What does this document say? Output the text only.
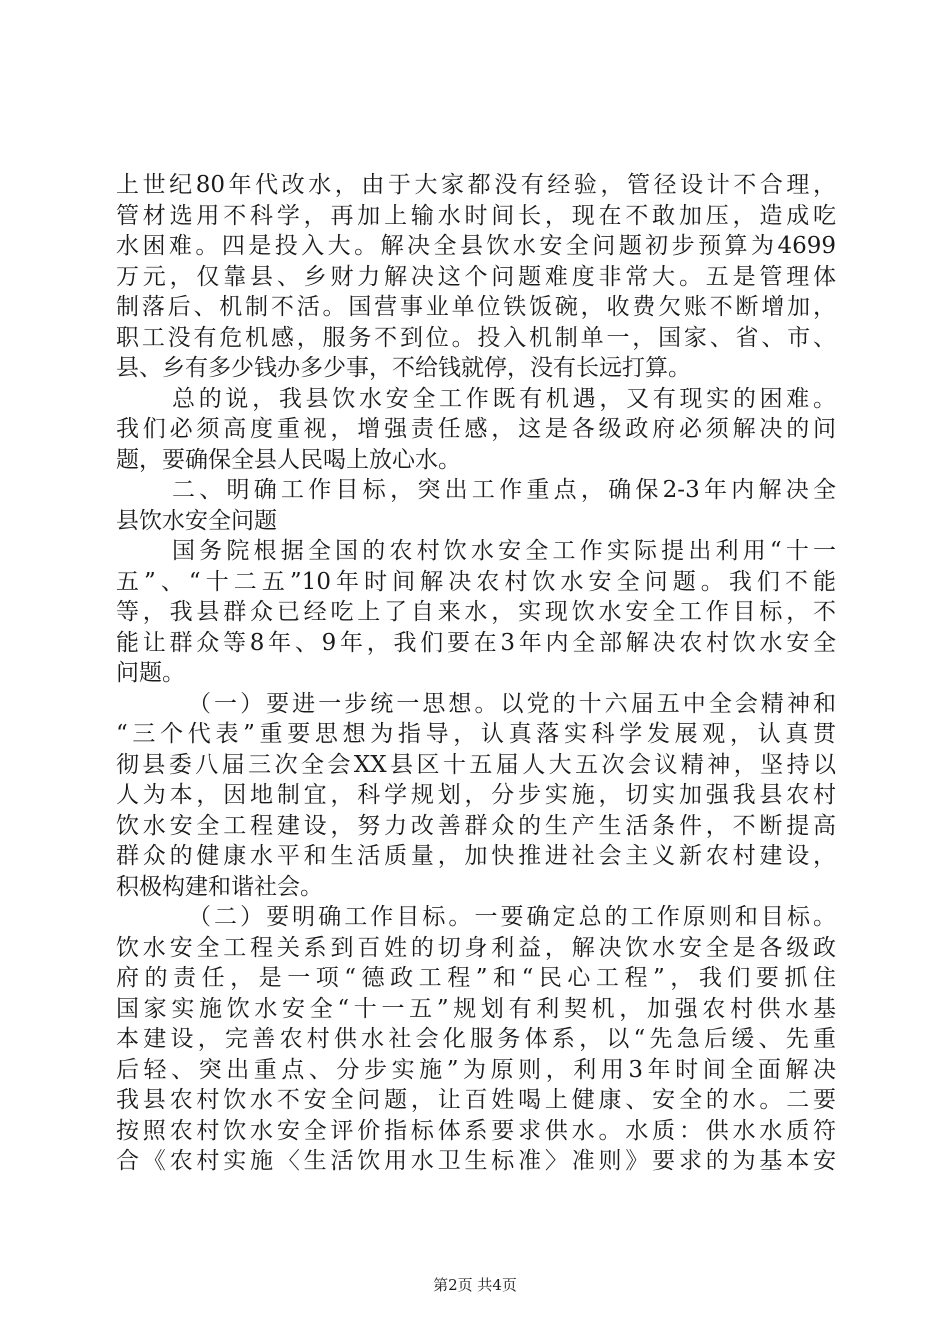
上世纪80年代改水，由于大家都没有经验，管径设计不合理，
管材选用不科学，再加上输水时间长，现在不敢加压，造成吃
水困难。四是投入大。解决全县饮水安全问题初步预算为4699
万元，仅靠县、乡财力解决这个问题难度非常大。五是管理体
制落后、机制不活。国营事业单位铁饭碗，收费欠账不断增加，
职工没有危机感，服务不到位。投入机制单一，国家、省、市、
县、乡有多少钱办多少事，不给钱就停，没有长远打算。
总的说，我县饮水安全工作既有机遇，又有现实的困难。
我们必须高度重视，增强责任感，这是各级政府必须解决的问
题，要确保全县人民喝上放心水。
二、明确工作目标，突出工作重点，确保2-3年内解决全
县饮水安全问题
国务院根据全国的农村饮水安全工作实际提出利用“十一
五”、“十二五”10年时间解决农村饮水安全问题。我们不能
等，我县群众已经吃上了自来水，实现饮水安全工作目标，不
能让群众等8年、9年，我们要在3年内全部解决农村饮水安全
问题。
（一）要进一步统一思想。以党的十六届五中全会精神和
“三个代表”重要思想为指导，认真落实科学发展观，认真贯
彻县委八届三次全会XX县区十五届人大五次会议精神，坚持以
人为本，因地制宜，科学规划，分步实施，切实加强我县农村
饮水安全工程建设，努力改善群众的生产生活条件，不断提高
群众的健康水平和生活质量，加快推进社会主义新农村建设，
积极构建和谐社会。
（二）要明确工作目标。一要确定总的工作原则和目标。
饮水安全工程关系到百姓的切身利益，解决饮水安全是各级政
府的责任，是一项“德政工程”和“民心工程”，我们要抓住
国家实施饮水安全“十一五”规划有利契机，加强农村供水基
本建设，完善农村供水社会化服务体系，以“先急后缓、先重
后轻、突出重点、分步实施”为原则，利用3年时间全面解决
我县农村饮水不安全问题，让百姓喝上健康、安全的水。二要
按照农村饮水安全评价指标体系要求供水。水质：供水水质符
合《农村实施〈生活饮用水卫生标准〉准则》要求的为基本安
第2页 共4页
